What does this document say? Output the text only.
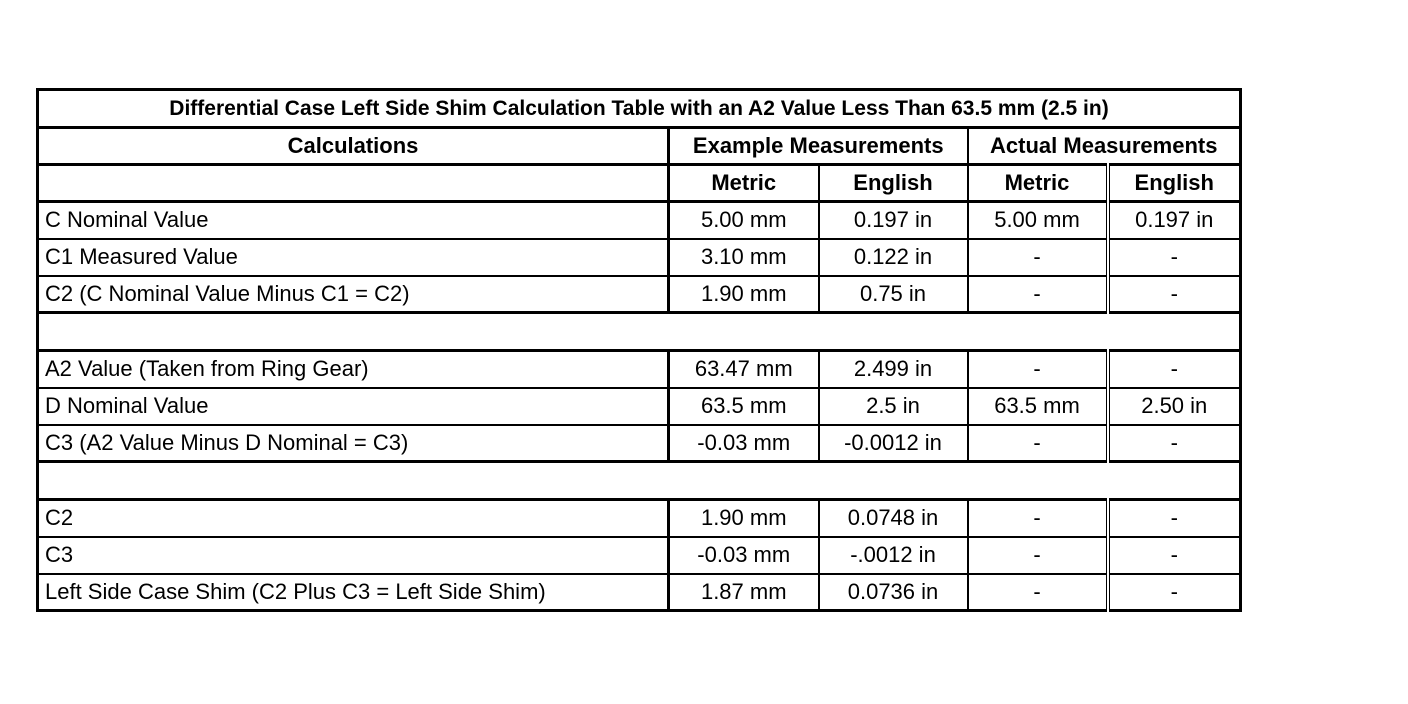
Differential Case Left Side Shim Calculation Table with an A2 Value Less Than 63.5 mm (2.5 in)				
Calculations	Example Measurements		Actual Measurements	
	Metric	English	Metric	English
C Nominal Value	5.00 mm	0.197 in	5.00 mm	0.197 in
C1 Measured Value	3.10 mm	0.122 in	-	-
C2 (C Nominal Value Minus C1 = C2)	1.90 mm	0.75 in	-	-

A2 Value (Taken from Ring Gear)	63.47 mm	2.499 in	-	-
D Nominal Value	63.5 mm	2.5 in	63.5 mm	2.50 in
C3 (A2 Value Minus D Nominal = C3)	-0.03 mm	-0.0012 in	-	-

C2	1.90 mm	0.0748 in	-	-
C3	-0.03 mm	-.0012 in	-	-
Left Side Case Shim (C2 Plus C3 = Left Side Shim)	1.87 mm	0.0736 in	-	-
